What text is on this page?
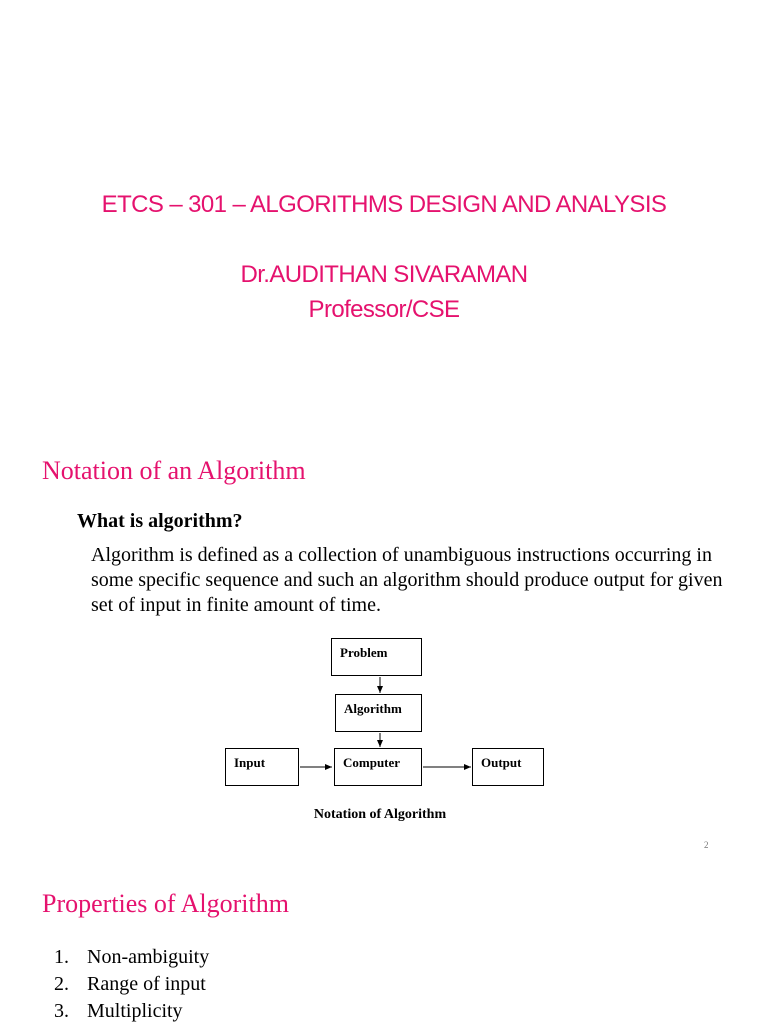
ETCS – 301 – ALGORITHMS DESIGN AND ANALYSIS
Dr.AUDITHAN SIVARAMAN
Professor/CSE
Notation of an Algorithm
What is algorithm?
Algorithm is defined as a collection of unambiguous instructions occurring in some specific sequence and such an algorithm should produce output for given set of input in finite amount of time.
Problem
Algorithm
Input	Computer	Output
Notation of Algorithm
2
Properties of Algorithm
1. Non-ambiguity
2. Range of input
3. Multiplicity
